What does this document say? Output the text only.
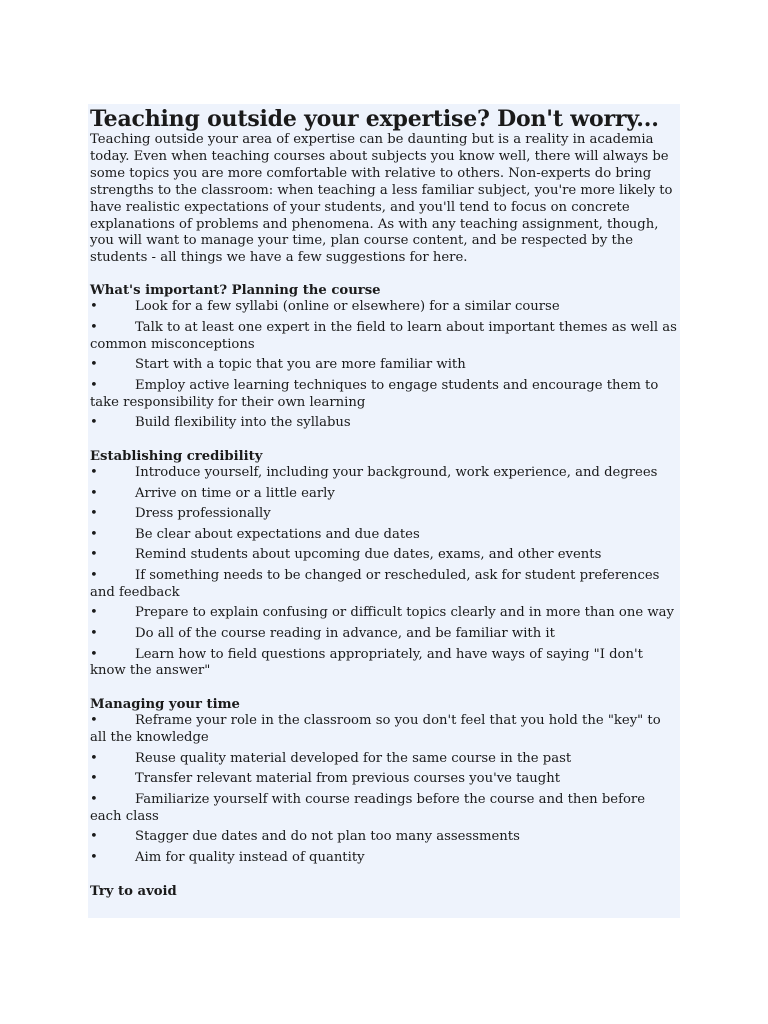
Teaching outside your expertise? Don't worry...

Teaching outside your area of expertise can be daunting but is a reality in academia today. Even when teaching courses about subjects you know well, there will always be some topics you are more comfortable with relative to others. Non-experts do bring strengths to the classroom: when teaching a less familiar subject, you're more likely to have realistic expectations of your students, and you'll tend to focus on concrete explanations of problems and phenomena. As with any teaching assignment, though, you will want to manage your time, plan course content, and be respected by the students - all things we have a few suggestions for here.

What's important? Planning the course
•	Look for a few syllabi (online or elsewhere) for a similar course
•	Talk to at least one expert in the field to learn about important themes as well as common misconceptions
•	Start with a topic that you are more familiar with
•	Employ active learning techniques to engage students and encourage them to take responsibility for their own learning
•	Build flexibility into the syllabus
Establishing credibility
•	Introduce yourself, including your background, work experience, and degrees
•	Arrive on time or a little early
•	Dress professionally
•	Be clear about expectations and due dates
•	Remind students about upcoming due dates, exams, and other events
•	If something needs to be changed or rescheduled, ask for student preferences and feedback
•	Prepare to explain confusing or difficult topics clearly and in more than one way
•	Do all of the course reading in advance, and be familiar with it
•	Learn how to field questions appropriately, and have ways of saying "I don't know the answer"
Managing your time
•	Reframe your role in the classroom so you don't feel that you hold the "key" to all the knowledge
•	Reuse quality material developed for the same course in the past
•	Transfer relevant material from previous courses you've taught
•	Familiarize yourself with course readings before the course and then before each class
•	Stagger due dates and do not plan too many assessments
•	Aim for quality instead of quantity
Try to avoid
